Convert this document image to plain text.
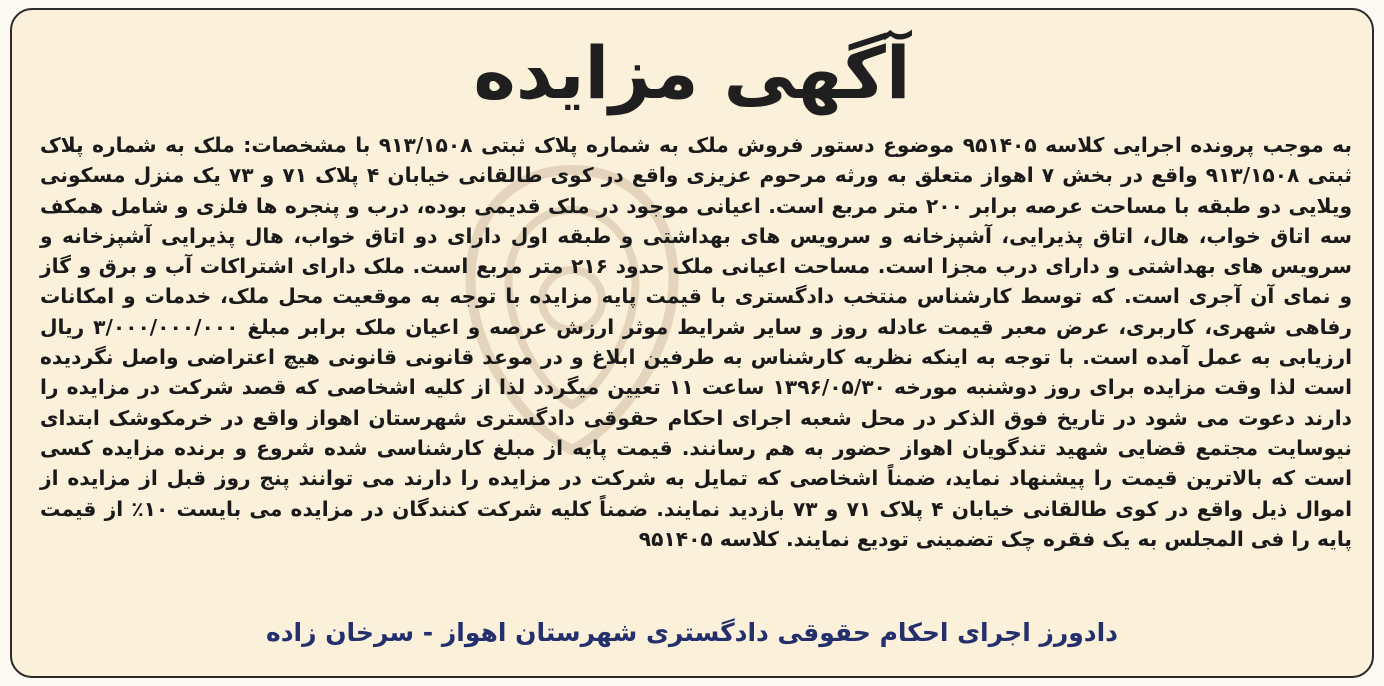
آگهی مزایده
به موجب پرونده اجرایی کلاسه ۹۵۱۴۰۵ موضوع دستور فروش ملک به شماره پلاک ثبتی ۹۱۳/۱۵۰۸ با مشخصات: ملک به شماره پلاک ثبتی ۹۱۳/۱۵۰۸ واقع در بخش ۷ اهواز متعلق به ورثه مرحوم عزیزی واقع در کوی طالقانی خیابان ۴ پلاک ۷۱ و ۷۳ یک منزل مسکونی ویلایی دو طبقه با مساحت عرصه برابر ۲۰۰ متر مربع است. اعیانی موجود در ملک قدیمی بوده، درب و پنجره ها فلزی و شامل همکف سه اتاق خواب، هال، اتاق پذیرایی، آشپزخانه و سرویس های بهداشتی و طبقه اول دارای دو اتاق خواب، هال پذیرایی آشپزخانه و سرویس های بهداشتی و دارای درب مجزا است. مساحت اعیانی ملک حدود ۲۱۶ متر مربع است. ملک دارای اشتراکات آب و برق و گاز و نمای آن آجری است. که توسط کارشناس منتخب دادگستری با قیمت پایه مزایده با توجه به موقعیت محل ملک، خدمات و امکانات رفاهی شهری، کاربری، عرض معبر قیمت عادله روز و سایر شرایط موثر ارزش عرصه و اعیان ملک برابر مبلغ ۳/۰۰۰/۰۰۰/۰۰۰ ریال ارزیابی به عمل آمده است. با توجه به اینکه نظریه کارشناس به طرفین ابلاغ و در موعد قانونی قانونی هیچ اعتراضی واصل نگردیده است لذا وقت مزایده برای روز دوشنبه مورخه ۱۳۹۶/۰۵/۳۰ ساعت ۱۱ تعیین میگردد لذا از کلیه اشخاصی که قصد شرکت در مزایده را دارند دعوت می شود در تاریخ فوق الذکر در محل شعبه اجرای احکام حقوقی دادگستری شهرستان اهواز واقع در خرمکوشک ابتدای نیوسایت مجتمع قضایی شهید تندگویان اهواز حضور به هم رسانند. قیمت پایه از مبلغ کارشناسی شده شروع و برنده مزایده کسی است که بالاترین قیمت را پیشنهاد نماید، ضمناً اشخاصی که تمایل به شرکت در مزایده را دارند می توانند پنج روز قبل از مزایده از اموال ذیل واقع در کوی طالقانی خیابان ۴ پلاک ۷۱ و ۷۳ بازدید نمایند. ضمناً کلیه شرکت کنندگان در مزایده می بایست ۱۰٪ از قیمت پایه را فی المجلس به یک فقره چک تضمینی تودیع نمایند. کلاسه ۹۵۱۴۰۵
دادورز اجرای احکام حقوقی دادگستری شهرستان اهواز - سرخان زاده
